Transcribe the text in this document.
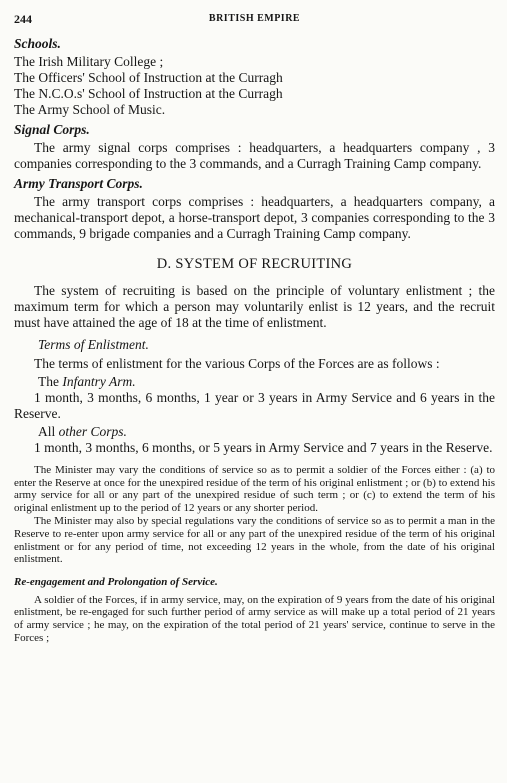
244	BRITISH EMPIRE
Schools.
The Irish Military College ;
The Officers' School of Instruction at the Curragh
The N.C.O.s' School of Instruction at the Curragh
The Army School of Music.
Signal Corps.

The army signal corps comprises : headquarters, a headquarters company , 3 companies corresponding to the 3 commands, and a Curragh Training Camp company.

Army Transport Corps.

The army transport corps comprises : headquarters, a headquarters company, a mechanical-transport depot, a horse-transport depot, 3 companies corresponding to the 3 commands, 9 brigade companies and a Curragh Training Camp company.

D. SYSTEM OF RECRUITING

The system of recruiting is based on the principle of voluntary enlistment ; the maximum term for which a person may voluntarily enlist is 12 years, and the recruit must have attained the age of 18 at the time of enlistment.

Terms of Enlistment.

The terms of enlistment for the various Corps of the Forces are as follows :

The Infantry Arm.

1 month, 3 months, 6 months, 1 year or 3 years in Army Service and 6 years in the Reserve.

All other Corps.

1 month, 3 months, 6 months, or 5 years in Army Service and 7 years in the Reserve.

The Minister may vary the conditions of service so as to permit a soldier of the Forces either : (a) to enter the Reserve at once for the unexpired residue of the term of his original enlistment ; or (b) to extend his army service for all or any part of the unexpired residue of such term ; or (c) to extend the term of his original enlistment up to the period of 12 years or any shorter period.

The Minister may also by special regulations vary the conditions of service so as to permit a man in the Reserve to re-enter upon army service for all or any part of the unexpired residue of the term of his original enlistment or for any period of time, not exceeding 12 years in the whole, from the date of his original enlistment.

Re-engagement and Prolongation of Service.

A soldier of the Forces, if in army service, may, on the expiration of 9 years from the date of his original enlistment, be re-engaged for such further period of army service as will make up a total period of 21 years of army service ; he may, on the expiration of the total period of 21 years' service, continue to serve in the Forces ;
